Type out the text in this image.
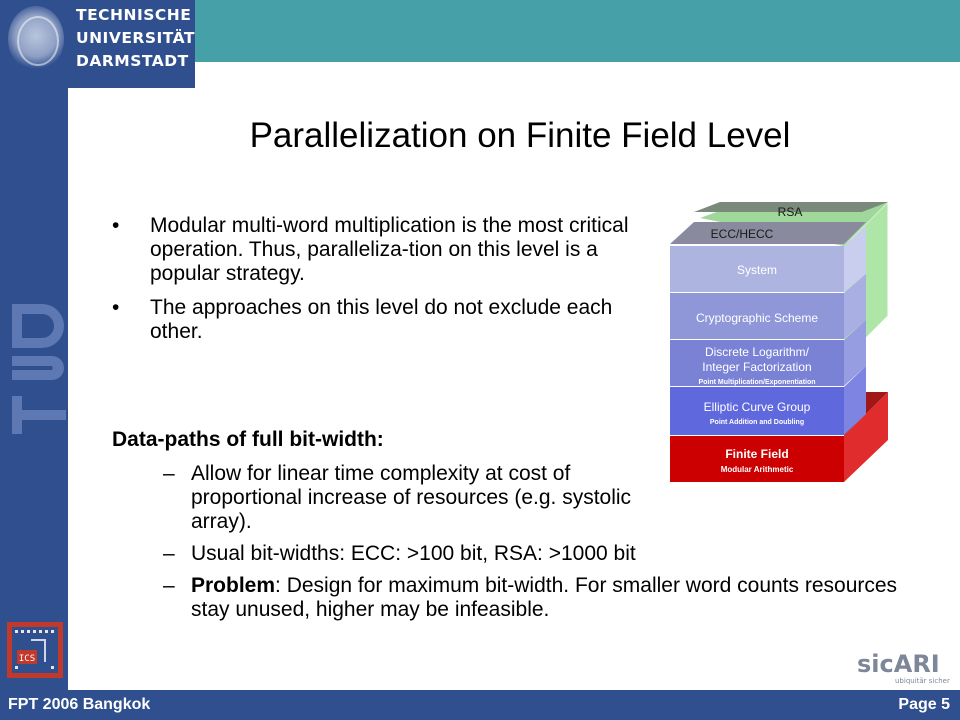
TECHNISCHE
UNIVERSITÄT
DARMSTADT
ICS
Parallelization on Finite Field Level
• Modular multi-word multiplication is the most critical operation. Thus, paralleliza-tion on this level is a popular strategy.
• The approaches on this level do not exclude each other.
Data-paths of full bit-width:
– Allow for linear time complexity at cost of proportional increase of resources (e.g. systolic array).
– Usual bit-widths: ECC: >100 bit, RSA: >1000 bit
– Problem: Design for maximum bit-width. For smaller word counts resources stay unused, higher may be infeasible.
RSA
ECC/HECC
System
Cryptographic Scheme
Discrete Logarithm/
Integer Factorization
Point Multiplication/Exponentiation
Elliptic Curve Group
Point Addition and Doubling
Finite Field
Modular Arithmetic
sicARI
ubiquitär sicher
FPT 2006 Bangkok	Page 5
